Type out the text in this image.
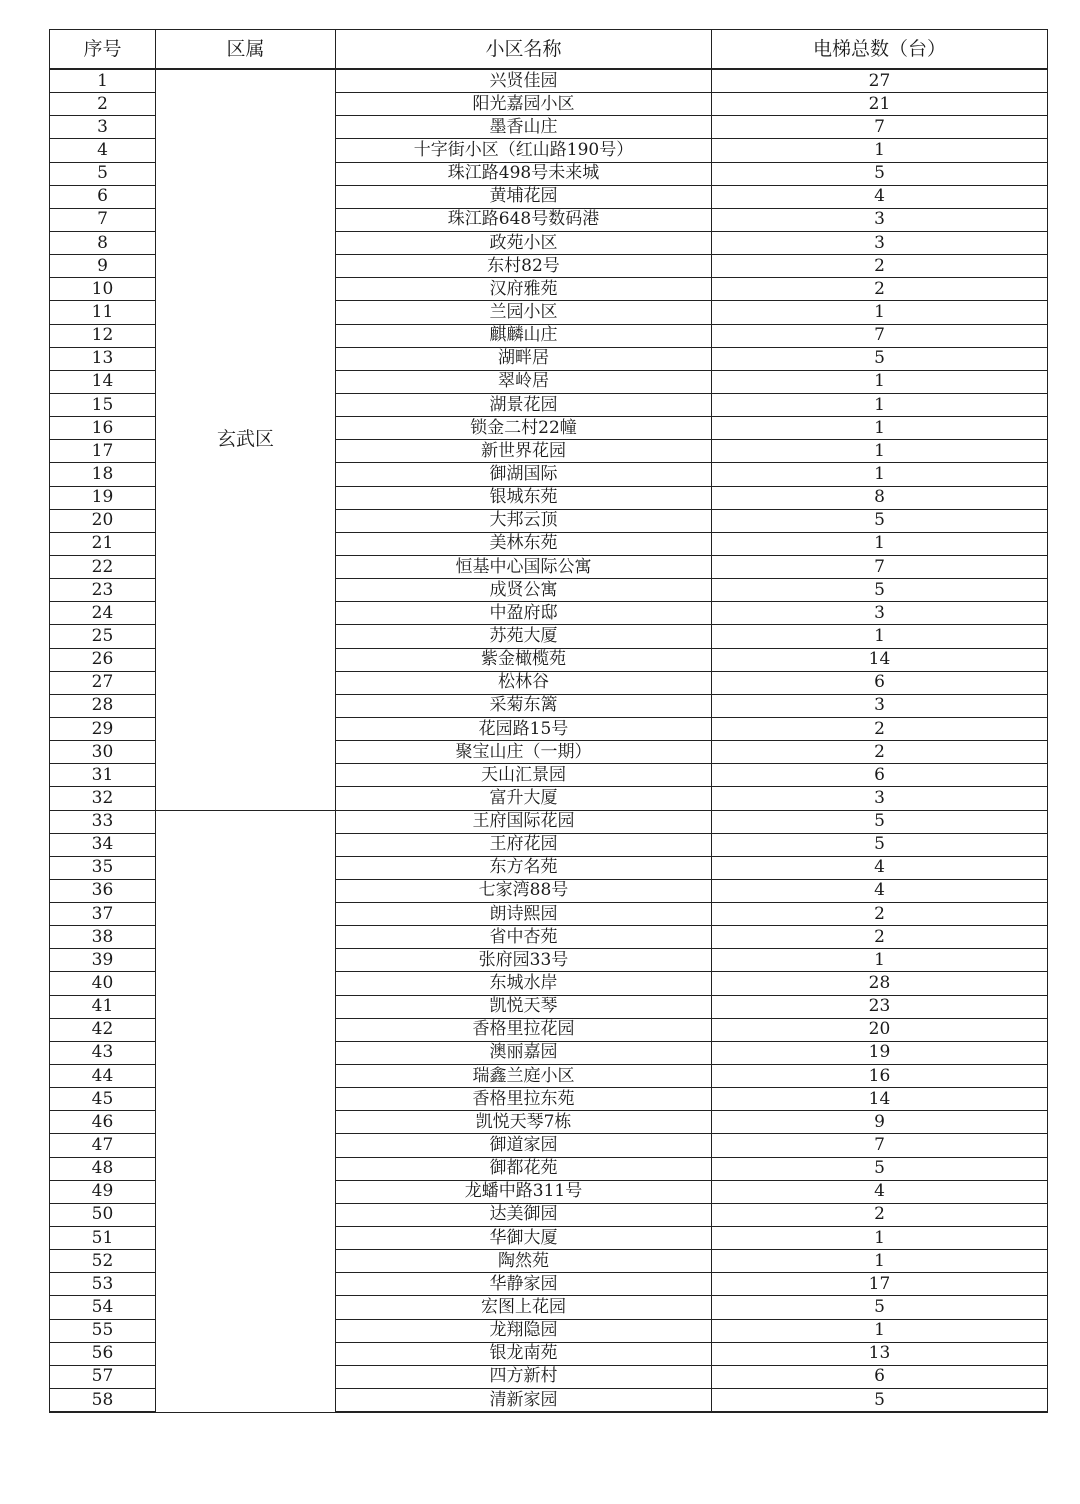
序号	区属	小区名称	电梯总数（台）
1	玄武区	兴贤佳园	27
2		阳光嘉园小区	21
3		墨香山庄	7
4		十字街小区（红山路190号）	1
5		珠江路498号未来城	5
6		黄埔花园	4
7		珠江路648号数码港	3
8		政苑小区	3
9		东村82号	2
10		汉府雅苑	2
11		兰园小区	1
12		麒麟山庄	7
13		湖畔居	5
14		翠岭居	1
15		湖景花园	1
16		锁金二村22幢	1
17		新世界花园	1
18		御湖国际	1
19		银城东苑	8
20		大邦云顶	5
21		美林东苑	1
22		恒基中心国际公寓	7
23		成贤公寓	5
24		中盈府邸	3
25		苏苑大厦	1
26		紫金橄榄苑	14
27		松林谷	6
28		采菊东篱	3
29		花园路15号	2
30		聚宝山庄（一期）	2
31		天山汇景园	6
32		富升大厦	3
33		王府国际花园	5
34		王府花园	5
35		东方名苑	4
36		七家湾88号	4
37		朗诗熙园	2
38		省中杏苑	2
39		张府园33号	1
40		东城水岸	28
41		凯悦天琴	23
42		香格里拉花园	20
43		澳丽嘉园	19
44		瑞鑫兰庭小区	16
45		香格里拉东苑	14
46		凯悦天琴7栋	9
47		御道家园	7
48		御都花苑	5
49		龙蟠中路311号	4
50		达美御园	2
51		华御大厦	1
52		陶然苑	1
53		华静家园	17
54		宏图上花园	5
55		龙翔隐园	1
56		银龙南苑	13
57		四方新村	6
58		清新家园	5
